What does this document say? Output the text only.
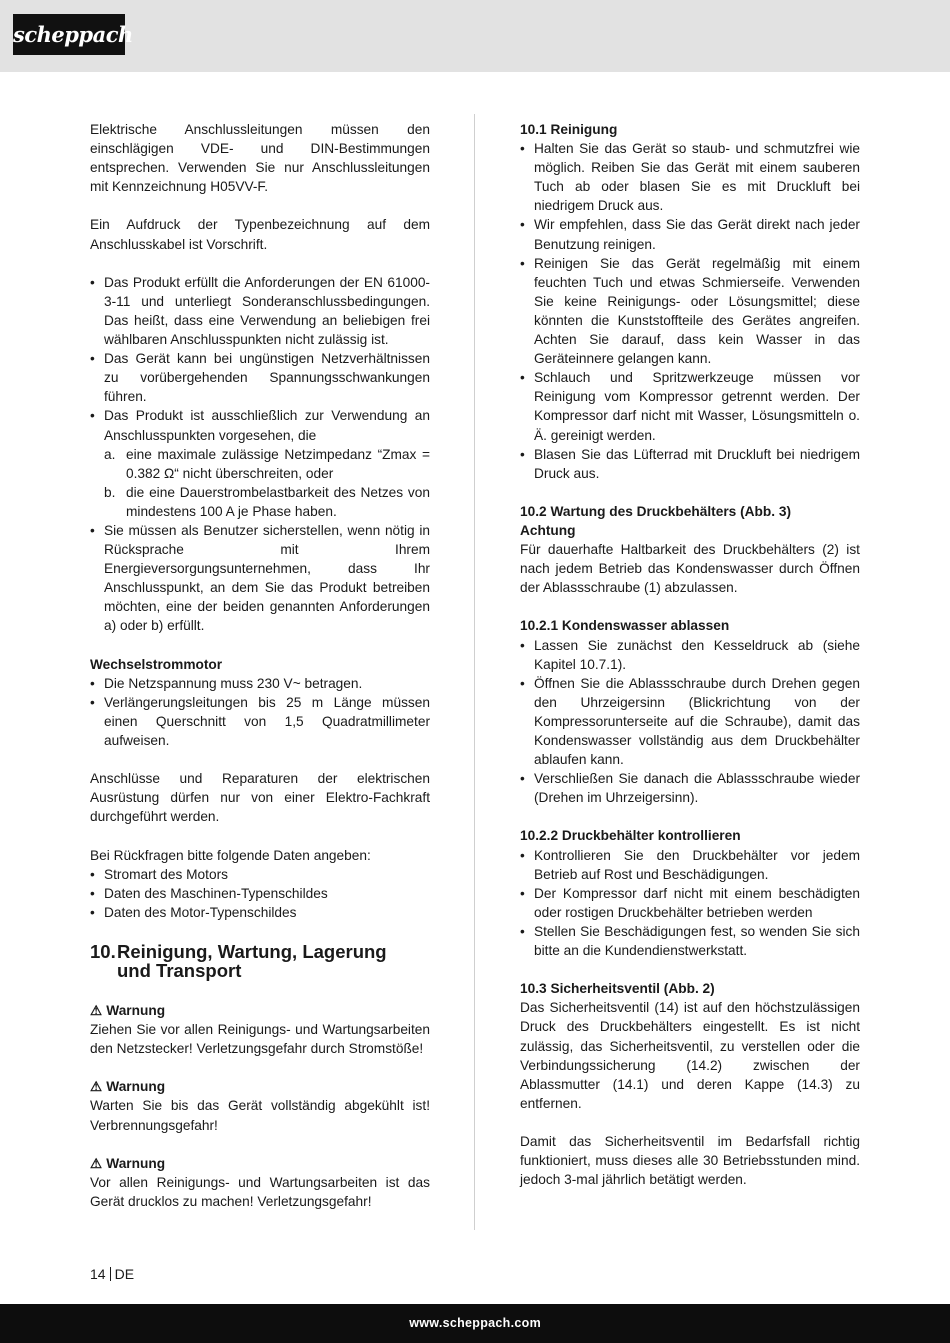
scheppach

Elektrische Anschlussleitungen müssen den einschlägigen VDE- und DIN-Bestimmungen entsprechen. Verwenden Sie nur Anschlussleitungen mit Kennzeichnung H05VV-F.

Ein Aufdruck der Typenbezeichnung auf dem Anschlusskabel ist Vorschrift.

• Das Produkt erfüllt die Anforderungen der EN 61000-3-11 und unterliegt Sonderanschlussbedingungen. Das heißt, dass eine Verwendung an beliebigen frei wählbaren Anschlusspunkten nicht zulässig ist.
• Das Gerät kann bei ungünstigen Netzverhältnissen zu vorübergehenden Spannungsschwankungen führen.
• Das Produkt ist ausschließlich zur Verwendung an Anschlusspunkten vorgesehen, die
a. eine maximale zulässige Netzimpedanz “Zmax = 0.382 Ω“ nicht überschreiten, oder
b. die eine Dauerstrombelastbarkeit des Netzes von mindestens 100 A je Phase haben.
• Sie müssen als Benutzer sicherstellen, wenn nötig in Rücksprache mit Ihrem Energieversorgungsunternehmen, dass Ihr Anschlusspunkt, an dem Sie das Produkt betreiben möchten, eine der beiden genannten Anforderungen a) oder b) erfüllt.

Wechselstrommotor

• Die Netzspannung muss 230 V~ betragen.
• Verlängerungsleitungen bis 25 m Länge müssen einen Querschnitt von 1,5 Quadratmillimeter aufweisen.

Anschlüsse und Reparaturen der elektrischen Ausrüstung dürfen nur von einer Elektro-Fachkraft durchgeführt werden.

Bei Rückfragen bitte folgende Daten angeben:

• Stromart des Motors
• Daten des Maschinen-Typenschildes
• Daten des Motor-Typenschildes
10. Reinigung, Wartung, Lagerung
und Transport

⚠ Warnung

Ziehen Sie vor allen Reinigungs- und Wartungsarbeiten den Netzstecker! Verletzungsgefahr durch Stromstöße!

⚠ Warnung

Warten Sie bis das Gerät vollständig abgekühlt ist! Verbrennungsgefahr!

⚠ Warnung

Vor allen Reinigungs- und Wartungsarbeiten ist das Gerät drucklos zu machen! Verletzungsgefahr!

10.1 Reinigung

• Halten Sie das Gerät so staub- und schmutzfrei wie möglich. Reiben Sie das Gerät mit einem sauberen Tuch ab oder blasen Sie es mit Druckluft bei niedrigem Druck aus.
• Wir empfehlen, dass Sie das Gerät direkt nach jeder Benutzung reinigen.
• Reinigen Sie das Gerät regelmäßig mit einem feuchten Tuch und etwas Schmierseife. Verwenden Sie keine Reinigungs- oder Lösungsmittel; diese könnten die Kunststoffteile des Gerätes angreifen. Achten Sie darauf, dass kein Wasser in das Geräteinnere gelangen kann.
• Schlauch und Spritzwerkzeuge müssen vor Reinigung vom Kompressor getrennt werden. Der Kompressor darf nicht mit Wasser, Lösungsmitteln o. Ä. gereinigt werden.
• Blasen Sie das Lüfterrad mit Druckluft bei niedrigem Druck aus.

10.2 Wartung des Druckbehälters (Abb. 3)

Achtung

Für dauerhafte Haltbarkeit des Druckbehälters (2) ist nach jedem Betrieb das Kondenswasser durch Öffnen der Ablassschraube (1) abzulassen.

10.2.1 Kondenswasser ablassen

• Lassen Sie zunächst den Kesseldruck ab (siehe Kapitel 10.7.1).
• Öffnen Sie die Ablassschraube durch Drehen gegen den Uhrzeigersinn (Blickrichtung von der Kompressorunterseite auf die Schraube), damit das Kondenswasser vollständig aus dem Druckbehälter ablaufen kann.
• Verschließen Sie danach die Ablassschraube wieder (Drehen im Uhrzeigersinn).

10.2.2 Druckbehälter kontrollieren

• Kontrollieren Sie den Druckbehälter vor jedem Betrieb auf Rost und Beschädigungen.
• Der Kompressor darf nicht mit einem beschädigten oder rostigen Druckbehälter betrieben werden
• Stellen Sie Beschädigungen fest, so wenden Sie sich bitte an die Kundendienstwerkstatt.

10.3 Sicherheitsventil (Abb. 2)

Das Sicherheitsventil (14) ist auf den höchstzulässigen Druck des Druckbehälters eingestellt. Es ist nicht zulässig, das Sicherheitsventil, zu verstellen oder die Verbindungssicherung (14.2) zwischen der Ablassmutter (14.1) und deren Kappe (14.3) zu entfernen.

Damit das Sicherheitsventil im Bedarfsfall richtig funktioniert, muss dieses alle 30 Betriebsstunden mind. jedoch 3-mal jährlich betätigt werden.

14 DE
www.scheppach.com
